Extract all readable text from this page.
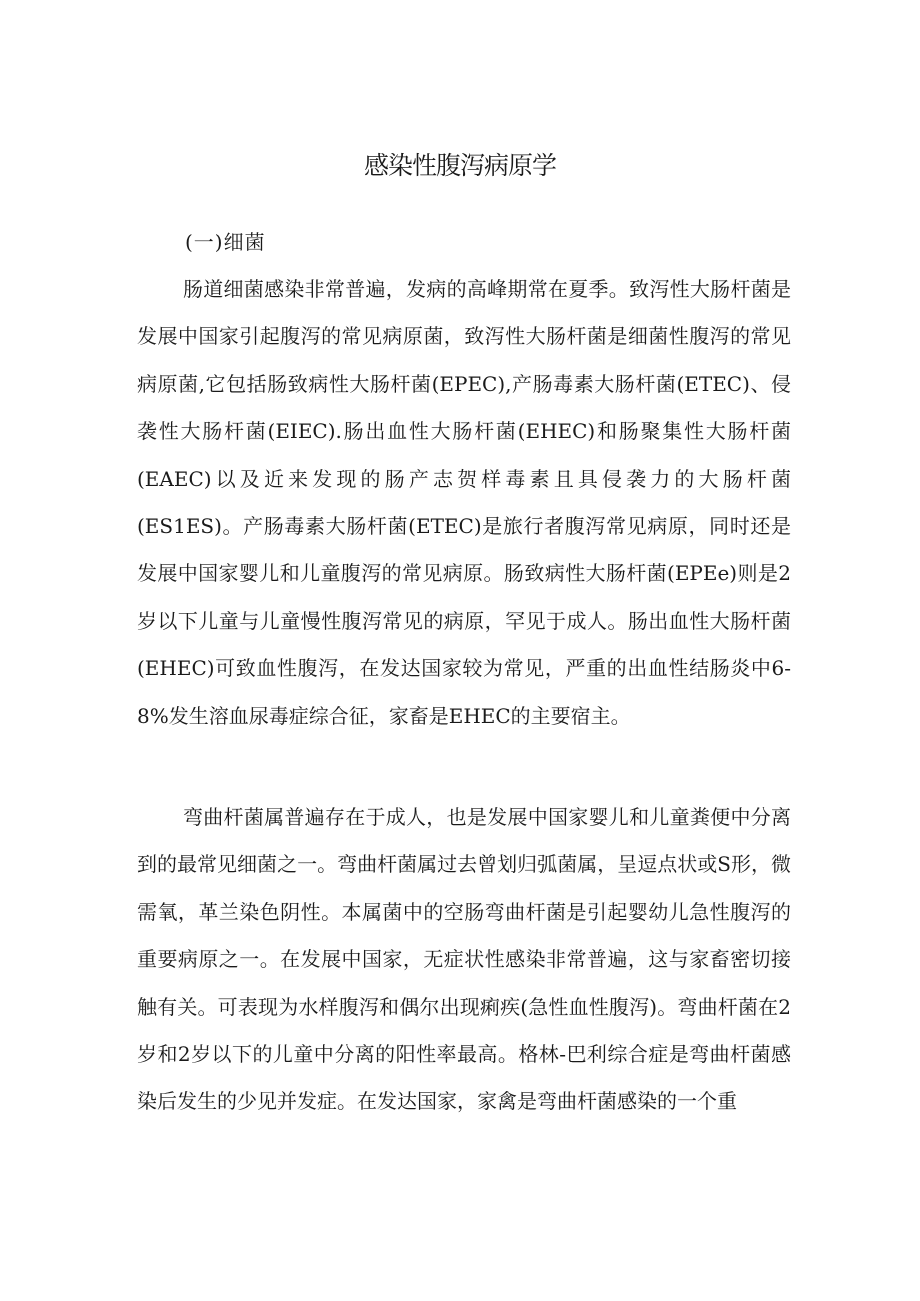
感染性腹泻病原学
(一)细菌

肠道细菌感染非常普遍，发病的高峰期常在夏季。致泻性大肠杆菌是发展中国家引起腹泻的常见病原菌，致泻性大肠杆菌是细菌性腹泻的常见病原菌,它包括肠致病性大肠杆菌(EPEC),产肠毒素大肠杆菌(ETEC)、侵袭性大肠杆菌(EIEC).肠出血性大肠杆菌(EHEC)和肠聚集性大肠杆菌(EAEC)以及近来发现的肠产志贺样毒素且具侵袭力的大肠杆菌(ES1ES)。产肠毒素大肠杆菌(ETEC)是旅行者腹泻常见病原，同时还是发展中国家婴儿和儿童腹泻的常见病原。肠致病性大肠杆菌(EPEe)则是2岁以下儿童与儿童慢性腹泻常见的病原，罕见于成人。肠出血性大肠杆菌(EHEC)可致血性腹泻，在发达国家较为常见，严重的出血性结肠炎中6-8%发生溶血尿毒症综合征，家畜是EHEC的主要宿主。

弯曲杆菌属普遍存在于成人，也是发展中国家婴儿和儿童粪便中分离到的最常见细菌之一。弯曲杆菌属过去曾划归弧菌属，呈逗点状或S形，微需氧，革兰染色阴性。本属菌中的空肠弯曲杆菌是引起婴幼儿急性腹泻的重要病原之一。在发展中国家，无症状性感染非常普遍，这与家畜密切接触有关。可表现为水样腹泻和偶尔出现痢疾(急性血性腹泻)。弯曲杆菌在2岁和2岁以下的儿童中分离的阳性率最高。格林-巴利综合症是弯曲杆菌感染后发生的少见并发症。在发达国家，家禽是弯曲杆菌感染的一个重
